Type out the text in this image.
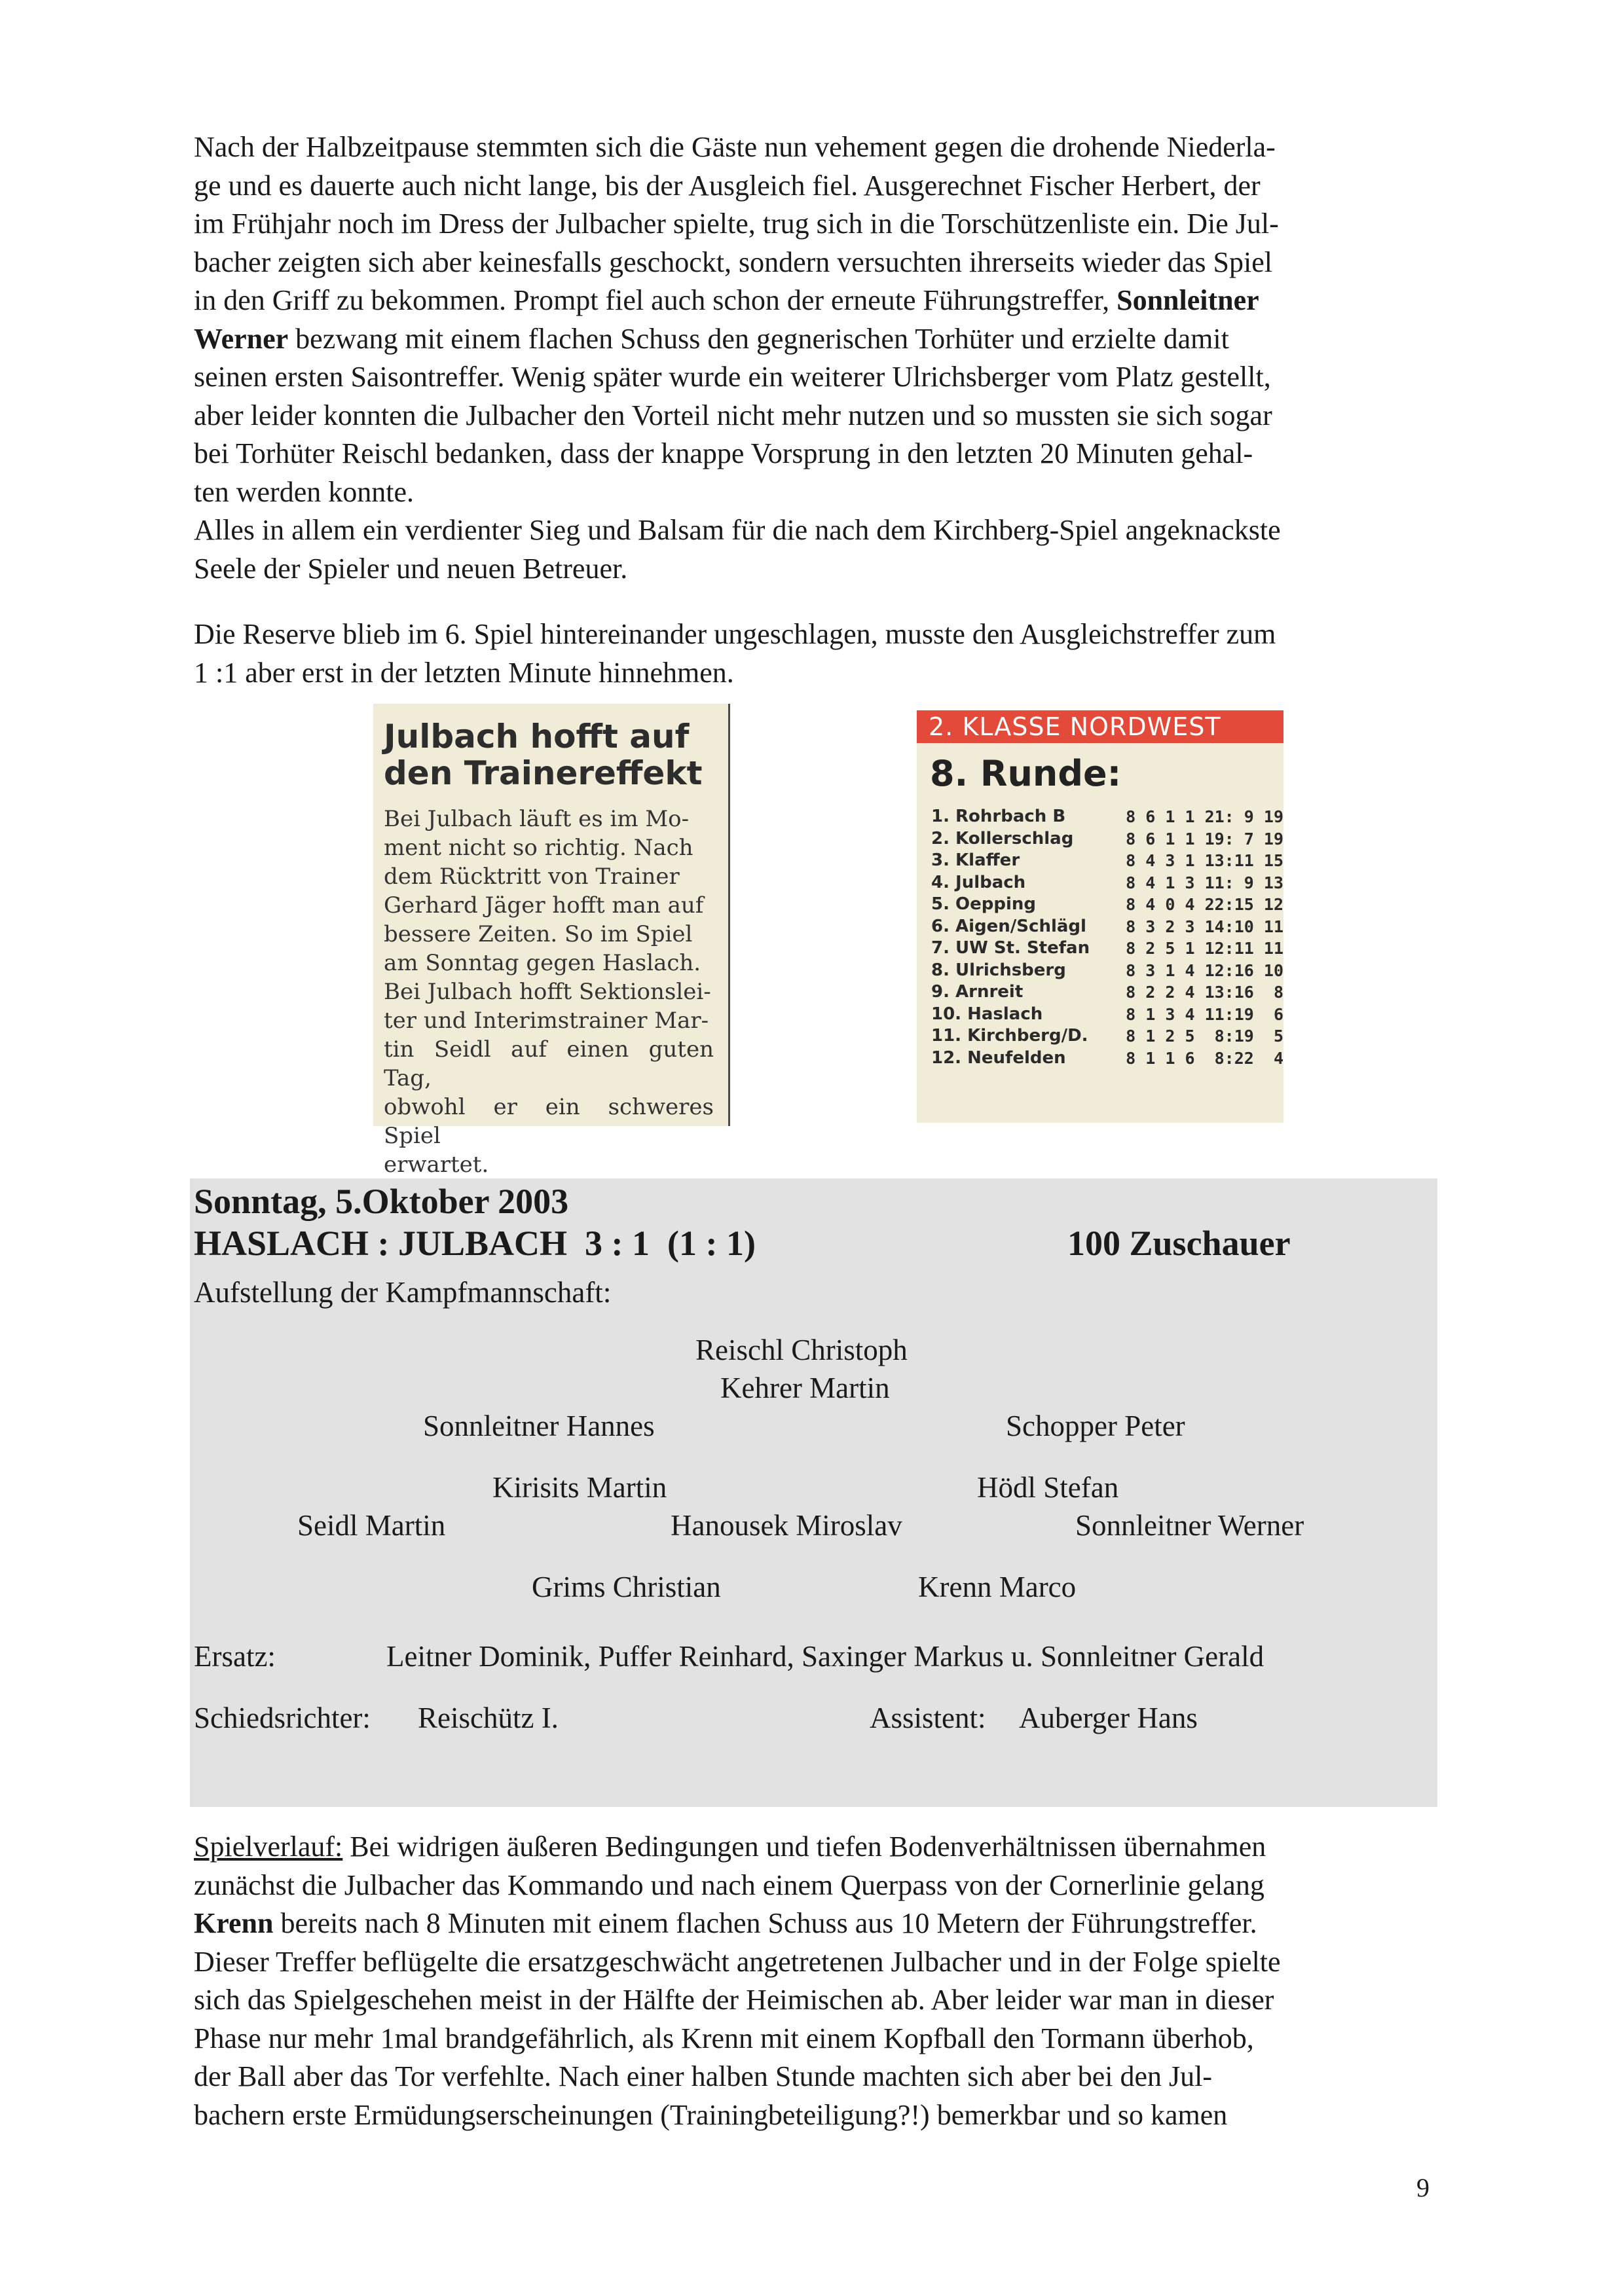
Nach der Halbzeitpause stemmten sich die Gäste nun vehement gegen die drohende Niederla-
ge und es dauerte auch nicht lange, bis der Ausgleich fiel. Ausgerechnet Fischer Herbert, der
im Frühjahr noch im Dress der Julbacher spielte, trug sich in die Torschützenliste ein. Die Jul-
bacher zeigten sich aber keinesfalls geschockt, sondern versuchten ihrerseits wieder das Spiel
in den Griff zu bekommen. Prompt fiel auch schon der erneute Führungstreffer, Sonnleitner
Werner bezwang mit einem flachen Schuss den gegnerischen Torhüter und erzielte damit
seinen ersten Saisontreffer. Wenig später wurde ein weiterer Ulrichsberger vom Platz gestellt,
aber leider konnten die Julbacher den Vorteil nicht mehr nutzen und so mussten sie sich sogar
bei Torhüter Reischl bedanken, dass der knappe Vorsprung in den letzten 20 Minuten gehal-
ten werden konnte.
Alles in allem ein verdienter Sieg und Balsam für die nach dem Kirchberg-Spiel angeknackste
Seele der Spieler und neuen Betreuer.
Die Reserve blieb im 6. Spiel hintereinander ungeschlagen, musste den Ausgleichstreffer zum
1 :1 aber erst in der letzten Minute hinnehmen.
Julbach hofft auf
den Trainereffekt
Bei Julbach läuft es im Mo-
ment nicht so richtig. Nach
dem Rücktritt von Trainer
Gerhard Jäger hofft man auf
bessere Zeiten. So im Spiel
am Sonntag gegen Haslach.
Bei Julbach hofft Sektionslei-
ter und Interimstrainer Mar-
tin Seidl auf einen guten Tag,
obwohl er ein schweres Spiel
erwartet.
2. KLASSE NORDWEST
8. Runde:
1. Rohrbach B	8 6 1 1 21: 9 19
2. Kollerschlag	8 6 1 1 19: 7 19
3. Klaffer	8 4 3 1 13:11 15
4. Julbach	8 4 1 3 11: 9 13
5. Oepping	8 4 0 4 22:15 12
6. Aigen/Schlägl	8 3 2 3 14:10 11
7. UW St. Stefan	8 2 5 1 12:11 11
8. Ulrichsberg	8 3 1 4 12:16 10
9. Arnreit	8 2 2 4 13:16  8
10. Haslach	8 1 3 4 11:19  6
11. Kirchberg/D.	8 1 2 5  8:19  5
12. Neufelden	8 1 1 6  8:22  4
Sonntag, 5.Oktober 2003
HASLACH : JULBACH  3 : 1  (1 : 1)	100 Zuschauer
Aufstellung der Kampfmannschaft:
Reischl Christoph
Kehrer Martin
Sonnleitner Hannes	Schopper Peter
Kirisits Martin	Hödl Stefan
Seidl Martin	Hanousek Miroslav	Sonnleitner Werner
Grims Christian	Krenn Marco
Ersatz:	Leitner Dominik, Puffer Reinhard, Saxinger Markus u. Sonnleitner Gerald
Schiedsrichter: Reischütz I.	Assistent: Auberger Hans
Spielverlauf: Bei widrigen äußeren Bedingungen und tiefen Bodenverhältnissen übernahmen
zunächst die Julbacher das Kommando und nach einem Querpass von der Cornerlinie gelang
Krenn bereits nach 8 Minuten mit einem flachen Schuss aus 10 Metern der Führungstreffer.
Dieser Treffer beflügelte die ersatzgeschwächt angetretenen Julbacher und in der Folge spielte
sich das Spielgeschehen meist in der Hälfte der Heimischen ab. Aber leider war man in dieser
Phase nur mehr 1mal brandgefährlich, als Krenn mit einem Kopfball den Tormann überhob,
der Ball aber das Tor verfehlte. Nach einer halben Stunde machten sich aber bei den Jul-
bachern erste Ermüdungserscheinungen (Trainingbeteiligung?!) bemerkbar und so kamen
9
